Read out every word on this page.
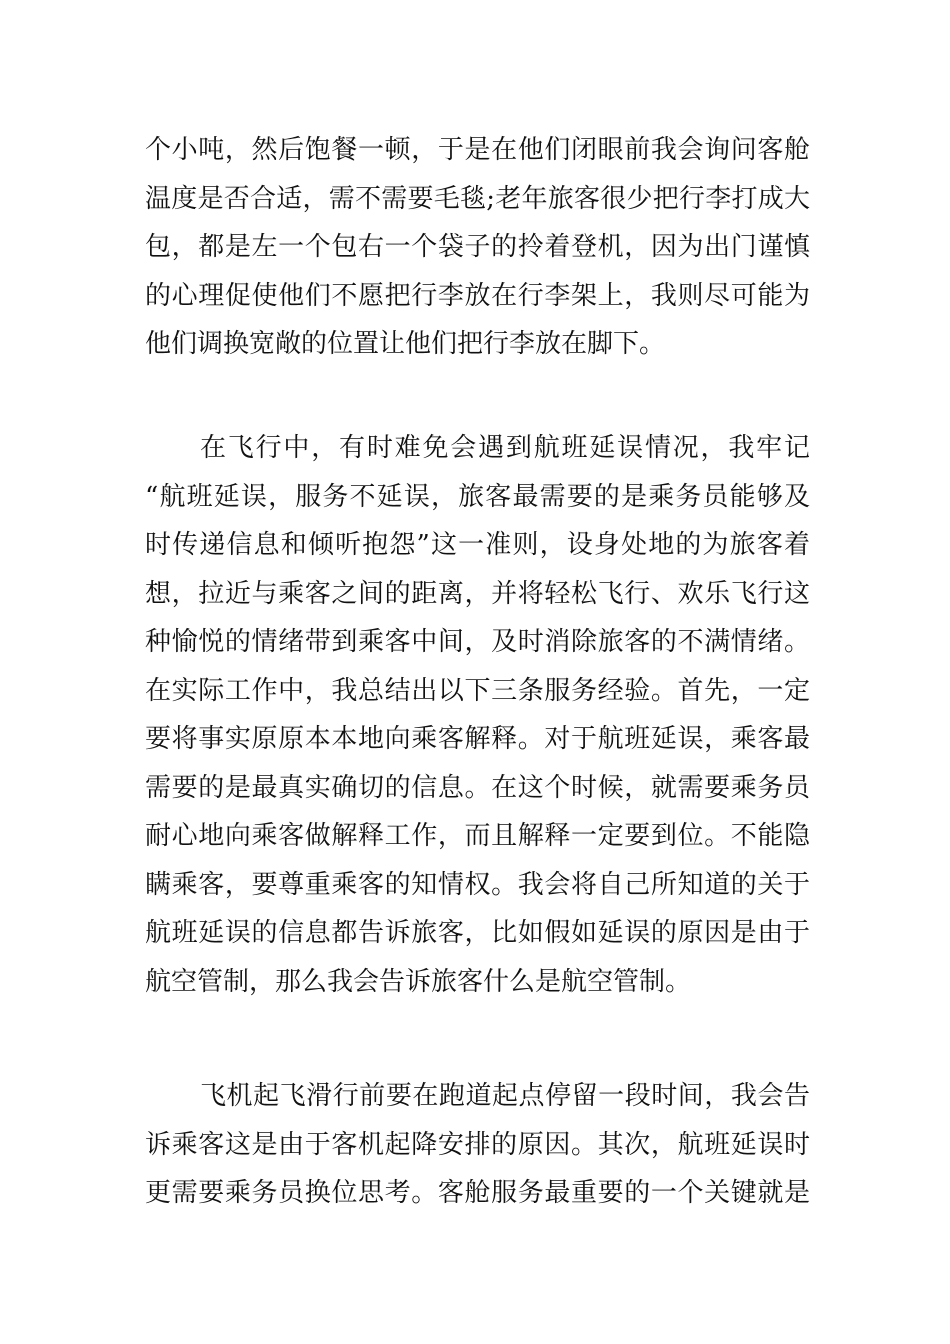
个小吨，然后饱餐一顿，于是在他们闭眼前我会询问客舱
温度是否合适，需不需要毛毯;老年旅客很少把行李打成大
包，都是左一个包右一个袋子的拎着登机，因为出门谨慎
的心理促使他们不愿把行李放在行李架上，我则尽可能为
他们调换宽敞的位置让他们把行李放在脚下。
在飞行中，有时难免会遇到航班延误情况，我牢记
“航班延误，服务不延误，旅客最需要的是乘务员能够及
时传递信息和倾听抱怨”这一准则，设身处地的为旅客着
想，拉近与乘客之间的距离，并将轻松飞行、欢乐飞行这
种愉悦的情绪带到乘客中间，及时消除旅客的不满情绪。
在实际工作中，我总结出以下三条服务经验。首先，一定
要将事实原原本本地向乘客解释。对于航班延误，乘客最
需要的是最真实确切的信息。在这个时候，就需要乘务员
耐心地向乘客做解释工作，而且解释一定要到位。不能隐
瞒乘客，要尊重乘客的知情权。我会将自己所知道的关于
航班延误的信息都告诉旅客，比如假如延误的原因是由于
航空管制，那么我会告诉旅客什么是航空管制。
飞机起飞滑行前要在跑道起点停留一段时间，我会告
诉乘客这是由于客机起降安排的原因。其次，航班延误时
更需要乘务员换位思考。客舱服务最重要的一个关键就是
